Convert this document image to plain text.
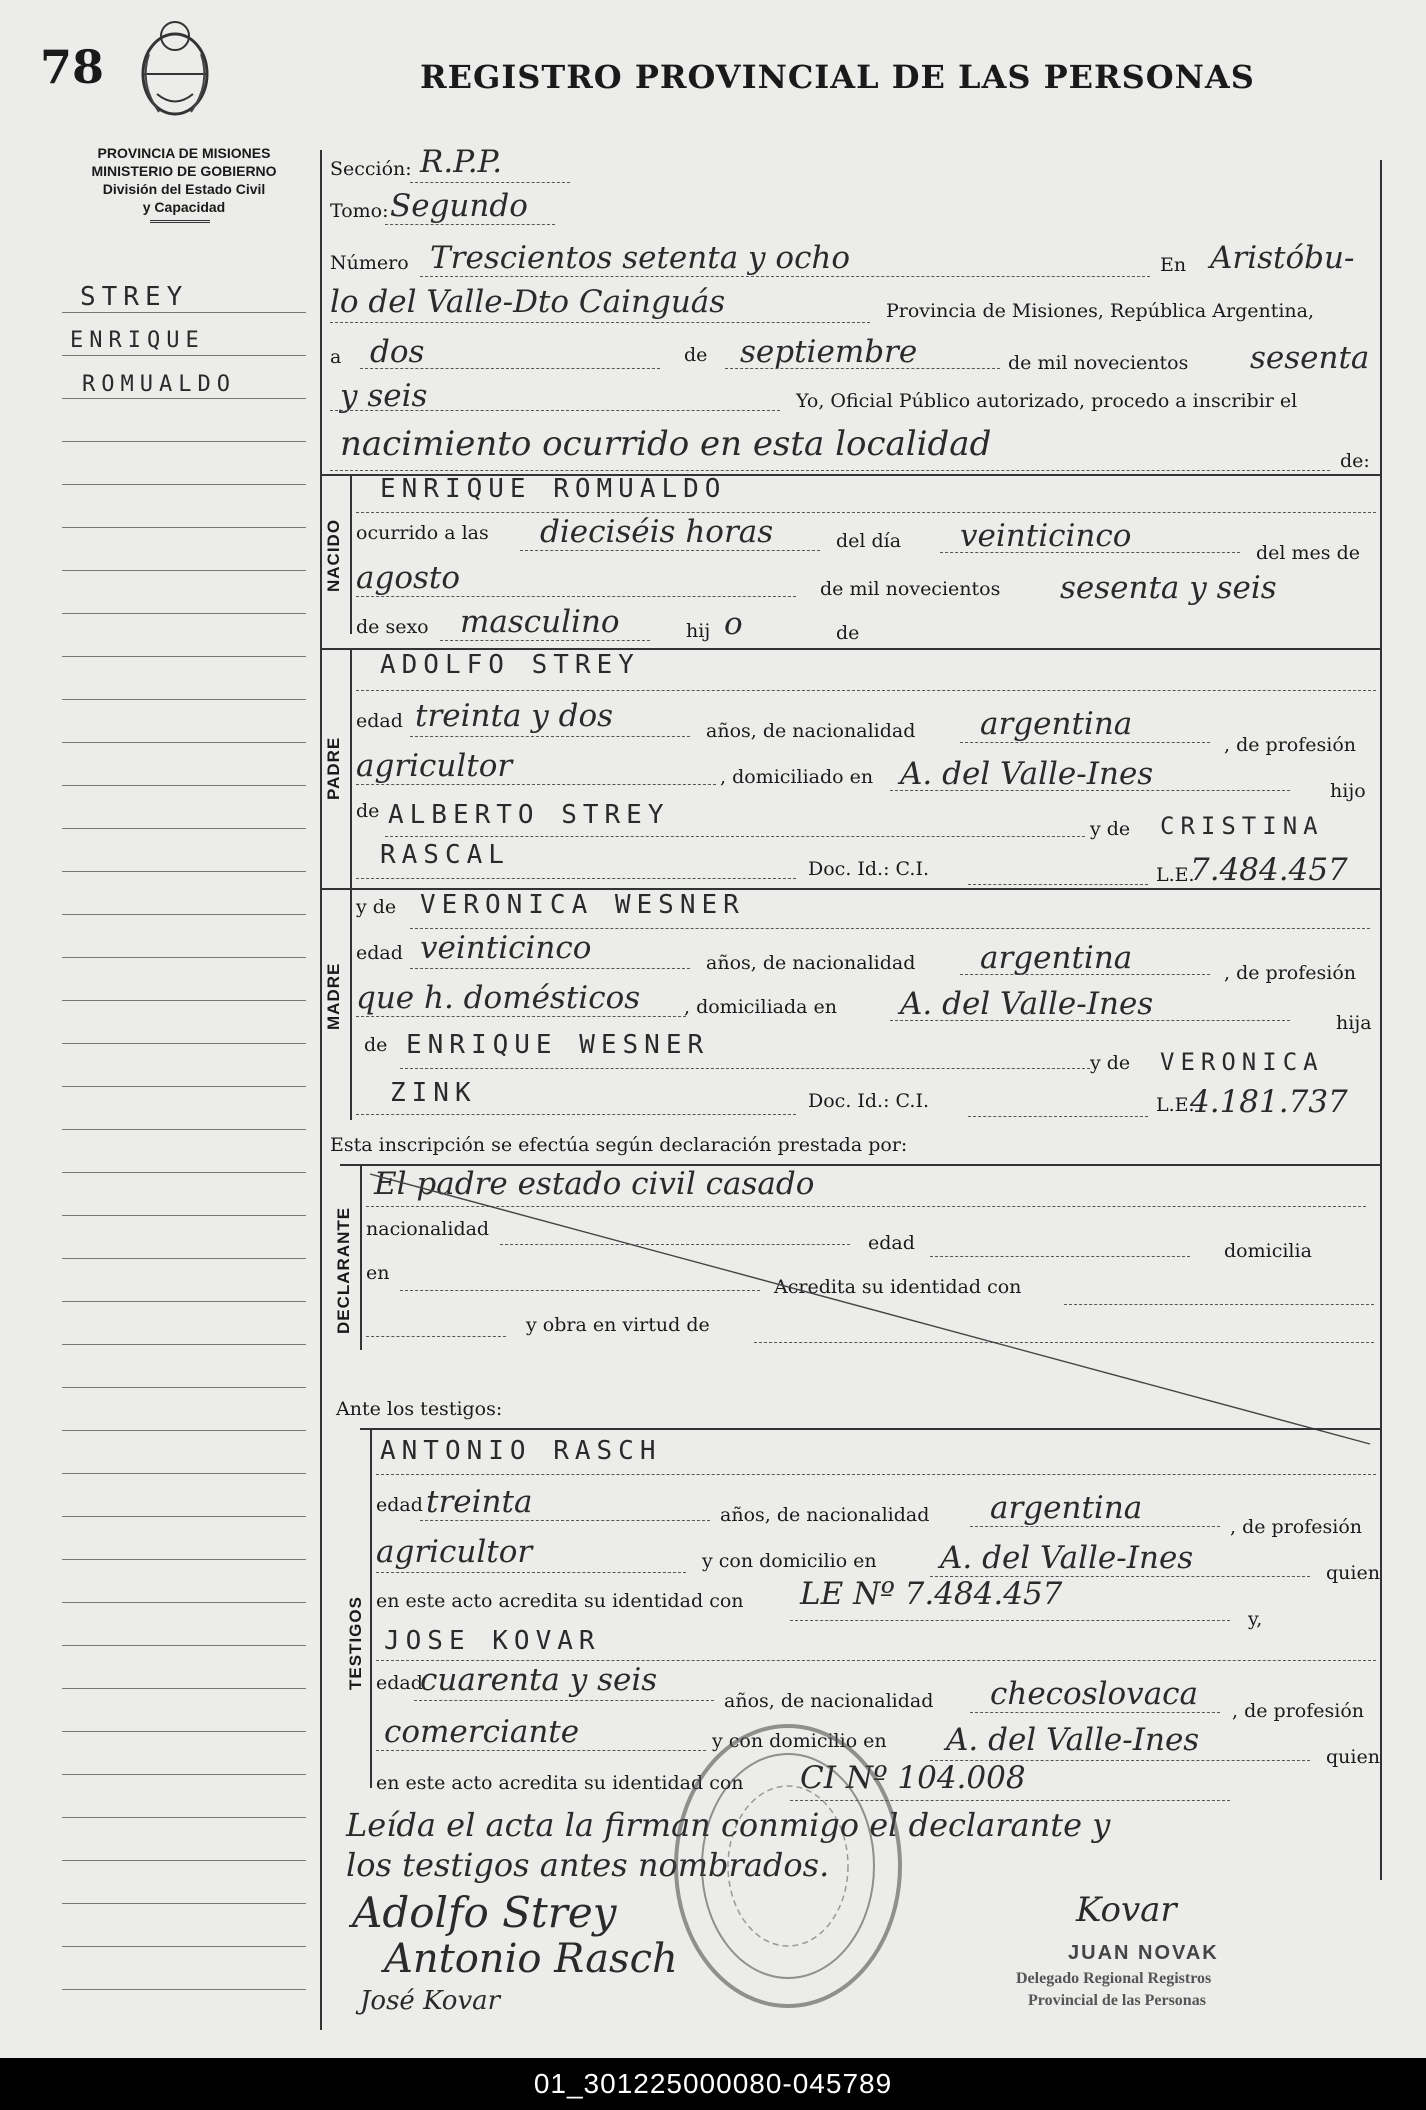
78	REGISTRO PROVINCIAL DE LAS PERSONAS
PROVINCIA DE MISIONES
MINISTERIO DE GOBIERNO
División del Estado Civil
y Capacidad
STREY
ENRIQUE
ROMUALDO
Sección: R.P.P.
Tomo: Segundo
Número Trescientos setenta y ocho	En Aristóbu-
lo del Valle-Dto Cainguás	Provincia de Misiones, República Argentina,
a dos	de septiembre	de mil novecientos sesenta
y seis	Yo, Oficial Público autorizado, procedo a inscribir el
nacimiento ocurrido en esta localidad	de:
NACIDO
ENRIQUE ROMUALDO
ocurrido a las dieciséis horas	del día veinticinco	del mes de
agosto	de mil novecientos sesenta y seis
de sexo masculino	hij o	de
PADRE
ADOLFO STREY
edad treinta y dos	años, de nacionalidad argentina
, de profesión
agricultor	, domiciliado en A. del Valle-Ines	hijo
de ALBERTO STREY	y de CRISTINA
RASCAL	Doc. Id.: C.I.	L.E.
7.484.457
MADRE
y de VERONICA WESNER
edad veinticinco	años, de nacionalidad argentina	, de profesión
que h. domésticos , domiciliada en A. del Valle-Ines
hija
de ENRIQUE WESNER
y de VERONICA
ZINK	Doc. Id.: C.I.	L.E.
4.181.737
Esta inscripción se efectúa según declaración prestada por:
DECLARANTE
El padre estado civil casado
nacionalidad
edad	domicilia
en
Acredita su identidad con
y obra en virtud de
Ante los testigos:
TESTIGOS
ANTONIO RASCH
edad treinta	años, de nacionalidad argentina
, de profesión
agricultor	y con domicilio en A. del Valle-Ines	quien
en este acto acredita su identidad con LE Nº 7.484.457
y,
JOSE KOVAR
edad
cuarenta y seis
años, de nacionalidad checoslovaca , de profesión
comerciante	y con domicilio en A. del Valle-Ines	quien
en este acto acredita su identidad con CI Nº 104.008
Leída el acta la firman conmigo el declarante y
los testigos antes nombrados.
Adolfo Strey
Antonio Rasch
José Kovar
Kovar
JUAN NOVAK
Delegado Regional Registros
Provincial de las Personas
01_301225000080-045789
